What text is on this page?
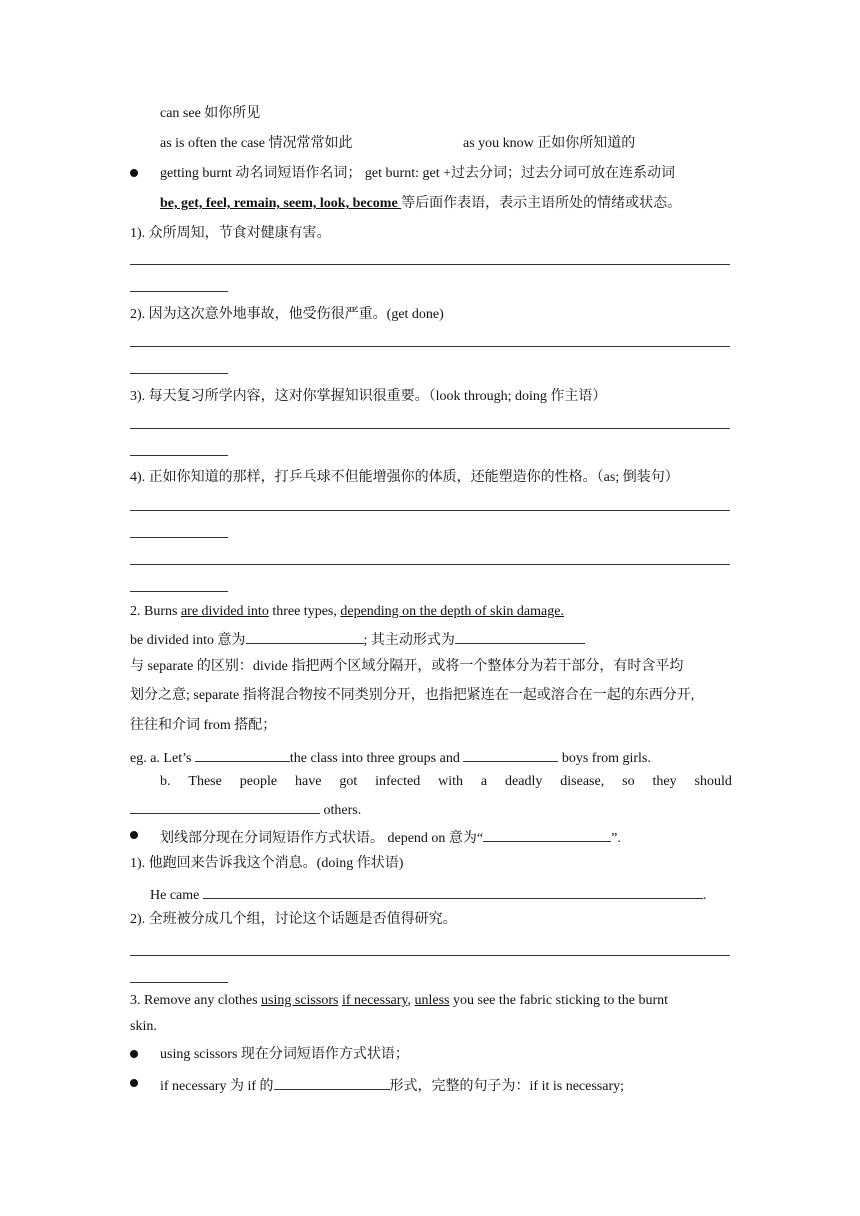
can see 如你所见
as is often the case 情况常常如此	as you know 正如你所知道的
getting burnt 动名词短语作名词； get burnt: get +过去分词；过去分词可放在连系动词
be, get, feel, remain, seem, look, become 等后面作表语，表示主语所处的情绪或状态。
1). 众所周知，节食对健康有害。
2). 因为这次意外地事故，他受伤很严重。(get done)
3). 每天复习所学内容，这对你掌握知识很重要。（look through; doing 作主语）
4). 正如你知道的那样，打乒乓球不但能增强你的体质，还能塑造你的性格。（as; 倒装句）
2. Burns are divided into three types, depending on the depth of skin damage.
be divided into 意为	; 其主动形式为
与 separate 的区别：divide 指把两个区域分隔开，或将一个整体分为若干部分，有时含平均
划分之意; separate 指将混合物按不同类别分开，也指把紧连在一起或溶合在一起的东西分开,
往往和介词 from 搭配；
eg. a. Let’s	the class into three groups and	boys from girls.
b. These people have got infected with a deadly disease, so they should
others.
划线部分现在分词短语作方式状语。 depend on 意为“	”.
1). 他跑回来告诉我这个消息。(doing 作状语)
He came	.
2). 全班被分成几个组，讨论这个话题是否值得研究。
3. Remove any clothes using scissors if necessary, unless you see the fabric sticking to the burnt
skin.
using scissors 现在分词短语作方式状语；
if necessary 为 if 的	形式，完整的句子为：if it is necessary;
